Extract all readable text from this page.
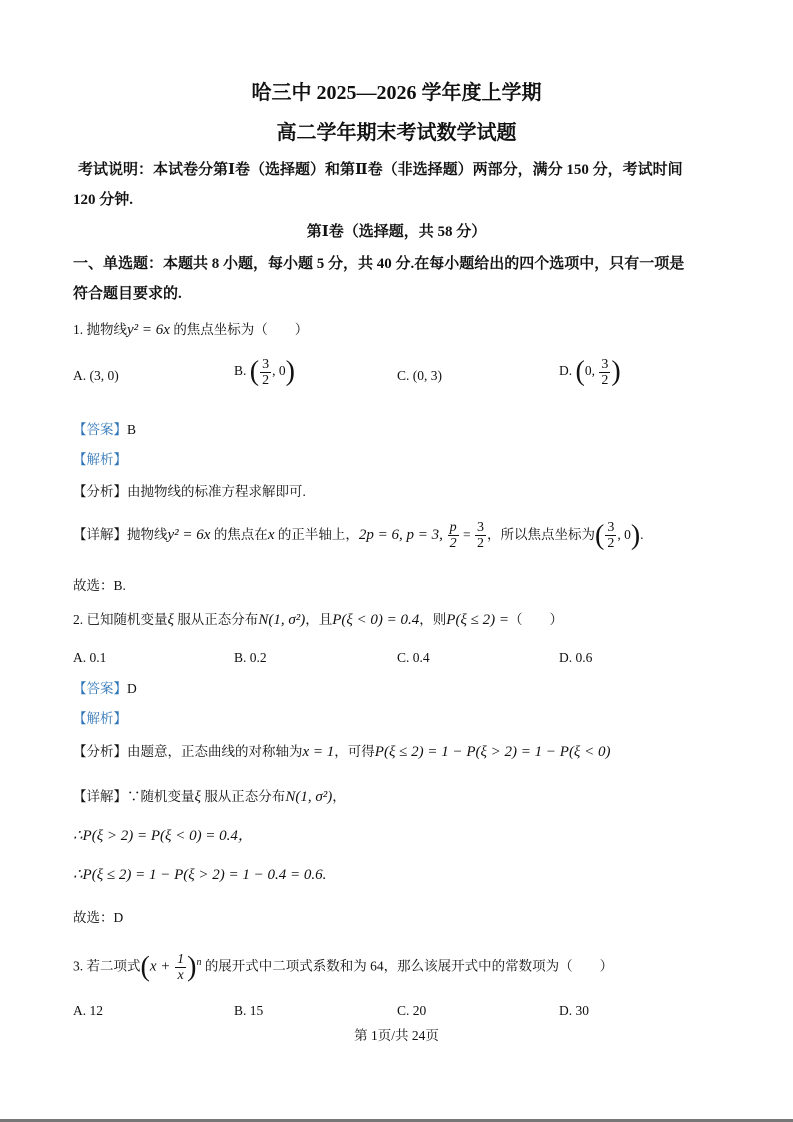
哈三中 2025—2026 学年度上学期
高二学年期末考试数学试题
考试说明：本试卷分第Ⅰ卷（选择题）和第Ⅱ卷（非选择题）两部分，满分 150 分，考试时间
120 分钟.
第Ⅰ卷（选择题，共 58 分）
一、单选题：本题共 8 小题，每小题 5 分，共 40 分.在每小题给出的四个选项中，只有一项是
符合题目要求的.
1. 抛物线y² = 6x 的焦点坐标为（　　）
A. (3, 0)	B. ( $\frac{3}{2}$ , 0)	C. (0, 3)	D. (0, $\frac{3}{2}$ )
【答案】B
【解析】
【分析】由抛物线的标准方程求解即可.
【详解】抛物线y² = 6x 的焦点在x 的正半轴上，2p = 6, p = 3, $\frac{p}{2} = \frac{3}{2}$ ，所以焦点坐标为( $\frac{3}{2}$ , 0).
故选：B.
2. 已知随机变量ξ 服从正态分布N(1, σ²)，且P(ξ < 0) = 0.4，则P(ξ ≤ 2) =（　　）
A. 0.1	B. 0.2	C. 0.4	D. 0.6
【答案】D
【解析】
【分析】由题意，正态曲线的对称轴为x = 1，可得P(ξ ≤ 2) = 1 − P(ξ > 2) = 1 − P(ξ < 0)
【详解】∵随机变量ξ 服从正态分布N(1, σ²)，
∴P(ξ > 2) = P(ξ < 0) = 0.4，
∴P(ξ ≤ 2) = 1 − P(ξ > 2) = 1 − 0.4 = 0.6.
故选：D
3. 若二项式$(x + \frac{1}{x} )^n$ 的展开式中二项式系数和为 64，那么该展开式中的常数项为（　　）
A. 12	B. 15	C. 20	D. 30
第 1页/共 24页
